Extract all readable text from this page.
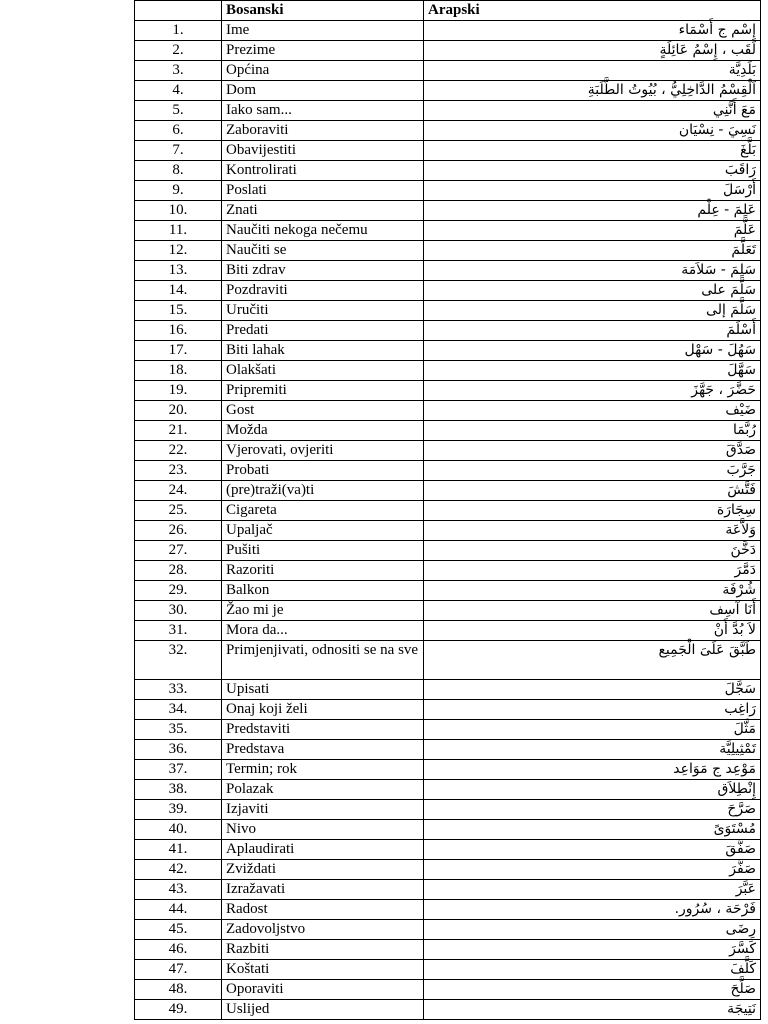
	Bosanski	Arapski
1.	Ime	إِسْم ج أَسْمَاء
2.	Prezime	لَقَب ، إِسْمُ عَائِلَةٍ
3.	Općina	بَلَدِيَّة
4.	Dom	اَلْقِسْمُ الدَّاخِلِيُّ ، بُيُوتُ الطَّلَبَةِ
5.	Iako sam...	مَعَ أَنَّنِي
6.	Zaboraviti	نَسِيَ - نِسْيَان
7.	Obavijestiti	بَلَّغَ
8.	Kontrolirati	رَاقَبَ
9.	Poslati	أَرْسَلَ
10.	Znati	عَلِمَ - عِلْم
11.	Naučiti nekoga nečemu	عَلَّمَ
12.	Naučiti se	تَعَلَّمَ
13.	Biti zdrav	سَلِمَ - سَلاَمَة
14.	Pozdraviti	سَلَّمَ على
15.	Uručiti	سَلَّمَ إلى
16.	Predati	أَسْلَمَ
17.	Biti lahak	سَهُلَ - سَهْل
18.	Olakšati	سَهَّلَ
19.	Pripremiti	حَضَّرَ ، جَهَّزَ
20.	Gost	ضَيْف
21.	Možda	رُبَّمَا
22.	Vjerovati, ovjeriti	صَدَّقَ
23.	Probati	جَرَّبَ
24.	(pre)traži(va)ti	فَتَّشَ
25.	Cigareta	سِجَارَة
26.	Upaljač	وَلاَّعَة
27.	Pušiti	دَخَّنَ
28.	Razoriti	دَمَّرَ
29.	Balkon	شُرْفَة
30.	Žao mi je	أَنَا آسِف
31.	Mora da...	لاَ بُدَّ أَنْ
32.	Primjenjivati, odnositi se na sve	طَبَّقَ عَلَىَ الْجَمِيع
33.	Upisati	سَجَّلَ
34.	Onaj koji želi	رَاغِب
35.	Predstaviti	مَثَّلَ
36.	Predstava	تَمْثِيلِيَّة
37.	Termin; rok	مَوْعِد ج مَوَاعِد
38.	Polazak	إِنْطِلاَق
39.	Izjaviti	صَرَّحَ
40.	Nivo	مُسْتَوَىً
41.	Aplaudirati	صَفَّقَ
42.	Zviždati	صَفَّرَ
43.	Izražavati	عَبَّرَ
44.	Radost	فَرْحَة ، سُرُور.
45.	Zadovoljstvo	رِضَى
46.	Razbiti	كَسَّرَ
47.	Koštati	كَلَّفَ
48.	Oporaviti	صَلَّحَ
49.	Uslijed	نَتِيجَة
